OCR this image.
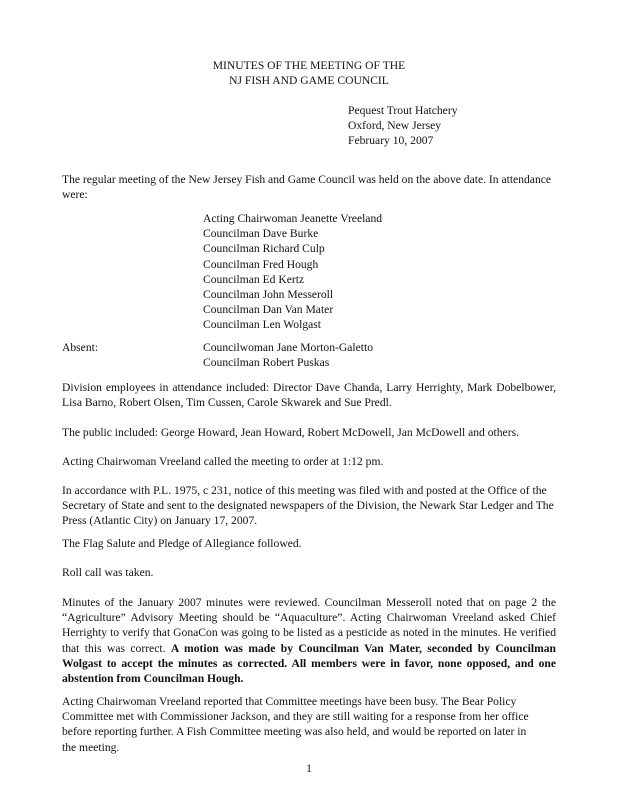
MINUTES OF THE MEETING OF THE
NJ FISH AND GAME COUNCIL
Pequest Trout Hatchery
Oxford, New Jersey
February 10, 2007

The regular meeting of the New Jersey Fish and Game Council was held on the above date. In attendance were:

Acting Chairwoman Jeanette Vreeland
Councilman Dave Burke
Councilman Richard Culp
Councilman Fred Hough
Councilman Ed Kertz
Councilman John Messeroll
Councilman Dan Van Mater
Councilman Len Wolgast
Absent:	Councilwoman Jane Morton-Galetto
Councilman Robert Puskas

Division employees in attendance included: Director Dave Chanda, Larry Herrighty, Mark Dobelbower, Lisa Barno, Robert Olsen, Tim Cussen, Carole Skwarek and Sue Predl.

The public included: George Howard, Jean Howard, Robert McDowell, Jan McDowell and others.

Acting Chairwoman Vreeland called the meeting to order at 1:12 pm.

In accordance with P.L. 1975, c 231, notice of this meeting was filed with and posted at the Office of the Secretary of State and sent to the designated newspapers of the Division, the Newark Star Ledger and The Press (Atlantic City) on January 17, 2007.

The Flag Salute and Pledge of Allegiance followed.

Roll call was taken.

Minutes of the January 2007 minutes were reviewed. Councilman Messeroll noted that on page 2 the “Agriculture” Advisory Meeting should be “Aquaculture”. Acting Chairwoman Vreeland asked Chief Herrighty to verify that GonaCon was going to be listed as a pesticide as noted in the minutes. He verified that this was correct. A motion was made by Councilman Van Mater, seconded by Councilman Wolgast to accept the minutes as corrected. All members were in favor, none opposed, and one abstention from Councilman Hough.

Acting Chairwoman Vreeland reported that Committee meetings have been busy. The Bear Policy
Committee met with Commissioner Jackson, and they are still waiting for a response from her office
before reporting further. A Fish Committee meeting was also held, and would be reported on later in
the meeting.
1
